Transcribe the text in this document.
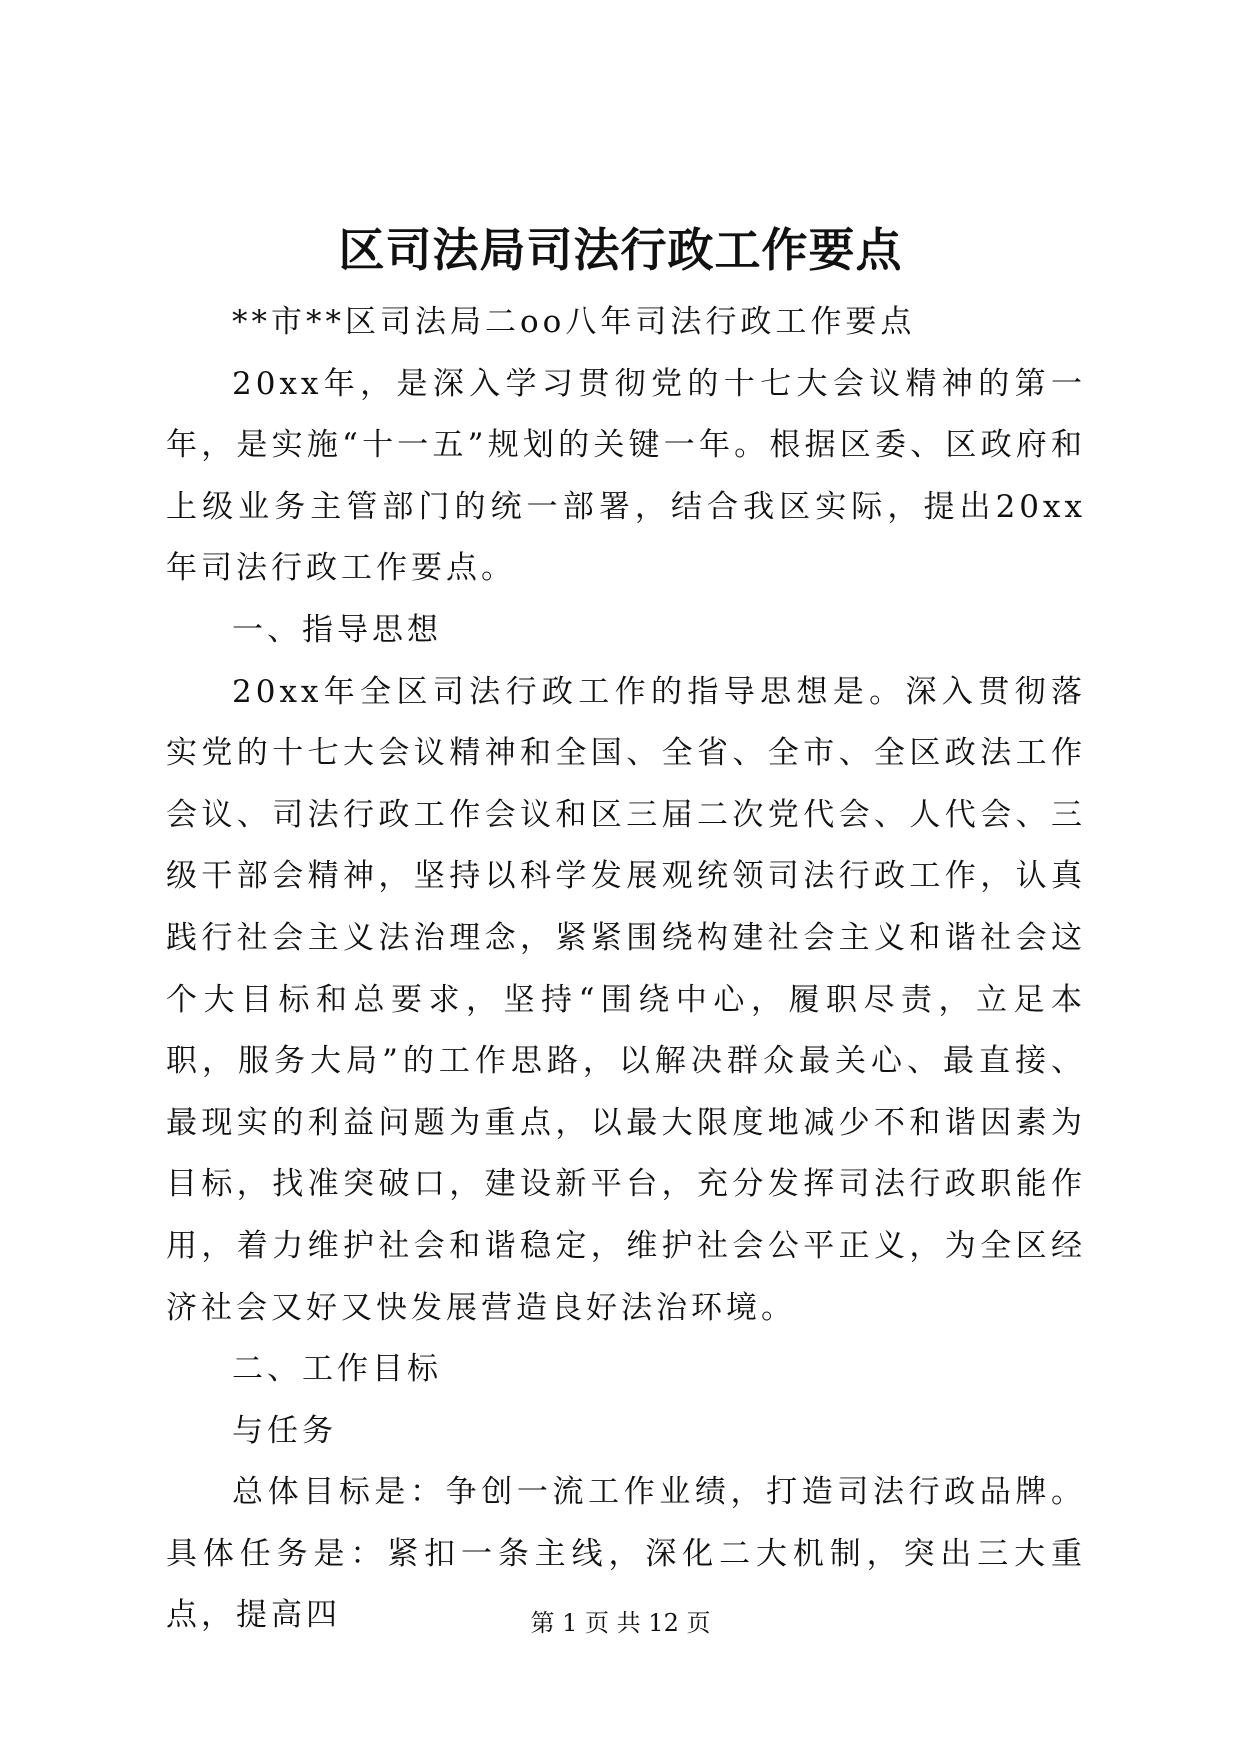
区司法局司法行政工作要点

**市**区司法局二oo八年司法行政工作要点

20xx年，是深入学习贯彻党的十七大会议精神的第一年，是实施“十一五”规划的关键一年。根据区委、区政府和上级业务主管部门的统一部署，结合我区实际，提出20xx年司法行政工作要点。

一、指导思想

20xx年全区司法行政工作的指导思想是。深入贯彻落实党的十七大会议精神和全国、全省、全市、全区政法工作会议、司法行政工作会议和区三届二次党代会、人代会、三级干部会精神，坚持以科学发展观统领司法行政工作，认真践行社会主义法治理念，紧紧围绕构建社会主义和谐社会这个大目标和总要求，坚持“围绕中心，履职尽责，立足本职，服务大局”的工作思路，以解决群众最关心、最直接、最现实的利益问题为重点，以最大限度地减少不和谐因素为目标，找准突破口，建设新平台，充分发挥司法行政职能作用，着力维护社会和谐稳定，维护社会公平正义，为全区经济社会又好又快发展营造良好法治环境。

二、工作目标

与任务

总体目标是：争创一流工作业绩，打造司法行政品牌。具体任务是：紧扣一条主线，深化二大机制，突出三大重点，提高四	第 1 页 共 12 页
